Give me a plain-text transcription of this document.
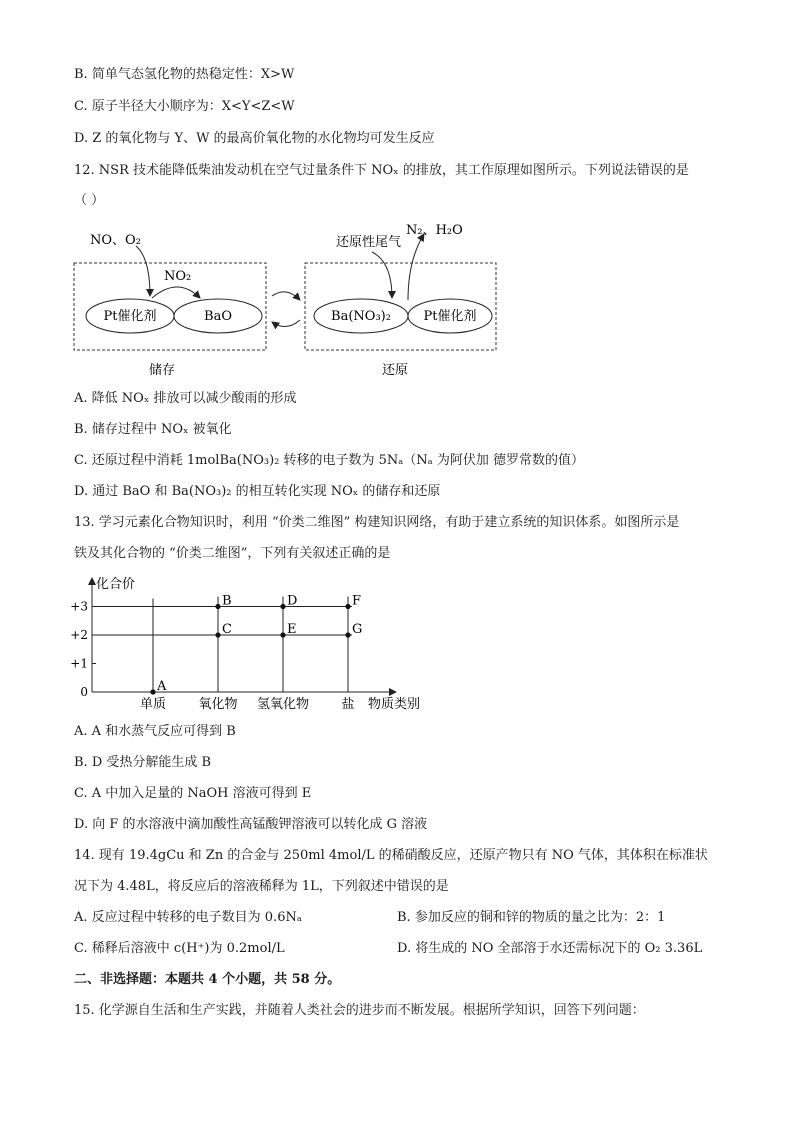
B. 简单气态氢化物的热稳定性：X>W
C. 原子半径大小顺序为：X<Y<Z<W
D. Z 的氧化物与 Y、W 的最高价氧化物的水化物均可发生反应
12. NSR 技术能降低柴油发动机在空气过量条件下 NOₓ 的排放，其工作原理如图所示。下列说法错误的是
（ ）
NO、O₂
NO₂
Pt催化剂	BaO
还原性尾气
N₂、H₂O
Ba(NO₃)₂	Pt催化剂
储存	还原
A. 降低 NOₓ 排放可以减少酸雨的形成
B. 储存过程中 NOₓ 被氧化
C. 还原过程中消耗 1molBa(NO₃)₂ 转移的电子数为 5Nₐ（Nₐ 为阿伏加 德罗常数的值）
D. 通过 BaO 和 Ba(NO₃)₂ 的相互转化实现 NOₓ 的储存和还原
13. 学习元素化合物知识时，利用 “价类二维图” 构建知识网络，有助于建立系统的知识体系。如图所示是
铁及其化合物的 “价类二维图”，下列有关叙述正确的是
化合价
物质类别
0
+1
+2
+3
单质 氧化物 氢氧化物 盐
A
B
C
D
E
F
G
A. A 和水蒸气反应可得到 B
B. D 受热分解能生成 B
C. A 中加入足量的 NaOH 溶液可得到 E
D. 向 F 的水溶液中滴加酸性高锰酸钾溶液可以转化成 G 溶液
14. 现有 19.4gCu 和 Zn 的合金与 250ml 4mol/L 的稀硝酸反应，还原产物只有 NO 气体，其体积在标准状
况下为 4.48L，将反应后的溶液稀释为 1L，下列叙述中错误的是
A. 反应过程中转移的电子数目为 0.6Nₐ	B. 参加反应的铜和锌的物质的量之比为：2：1
C. 稀释后溶液中 c(H⁺)为 0.2mol/L	D. 将生成的 NO 全部溶于水还需标况下的 O₂ 3.36L
二、非选择题：本题共 4 个小题，共 58 分。
15. 化学源自生活和生产实践，并随着人类社会的进步而不断发展。根据所学知识，回答下列问题：
